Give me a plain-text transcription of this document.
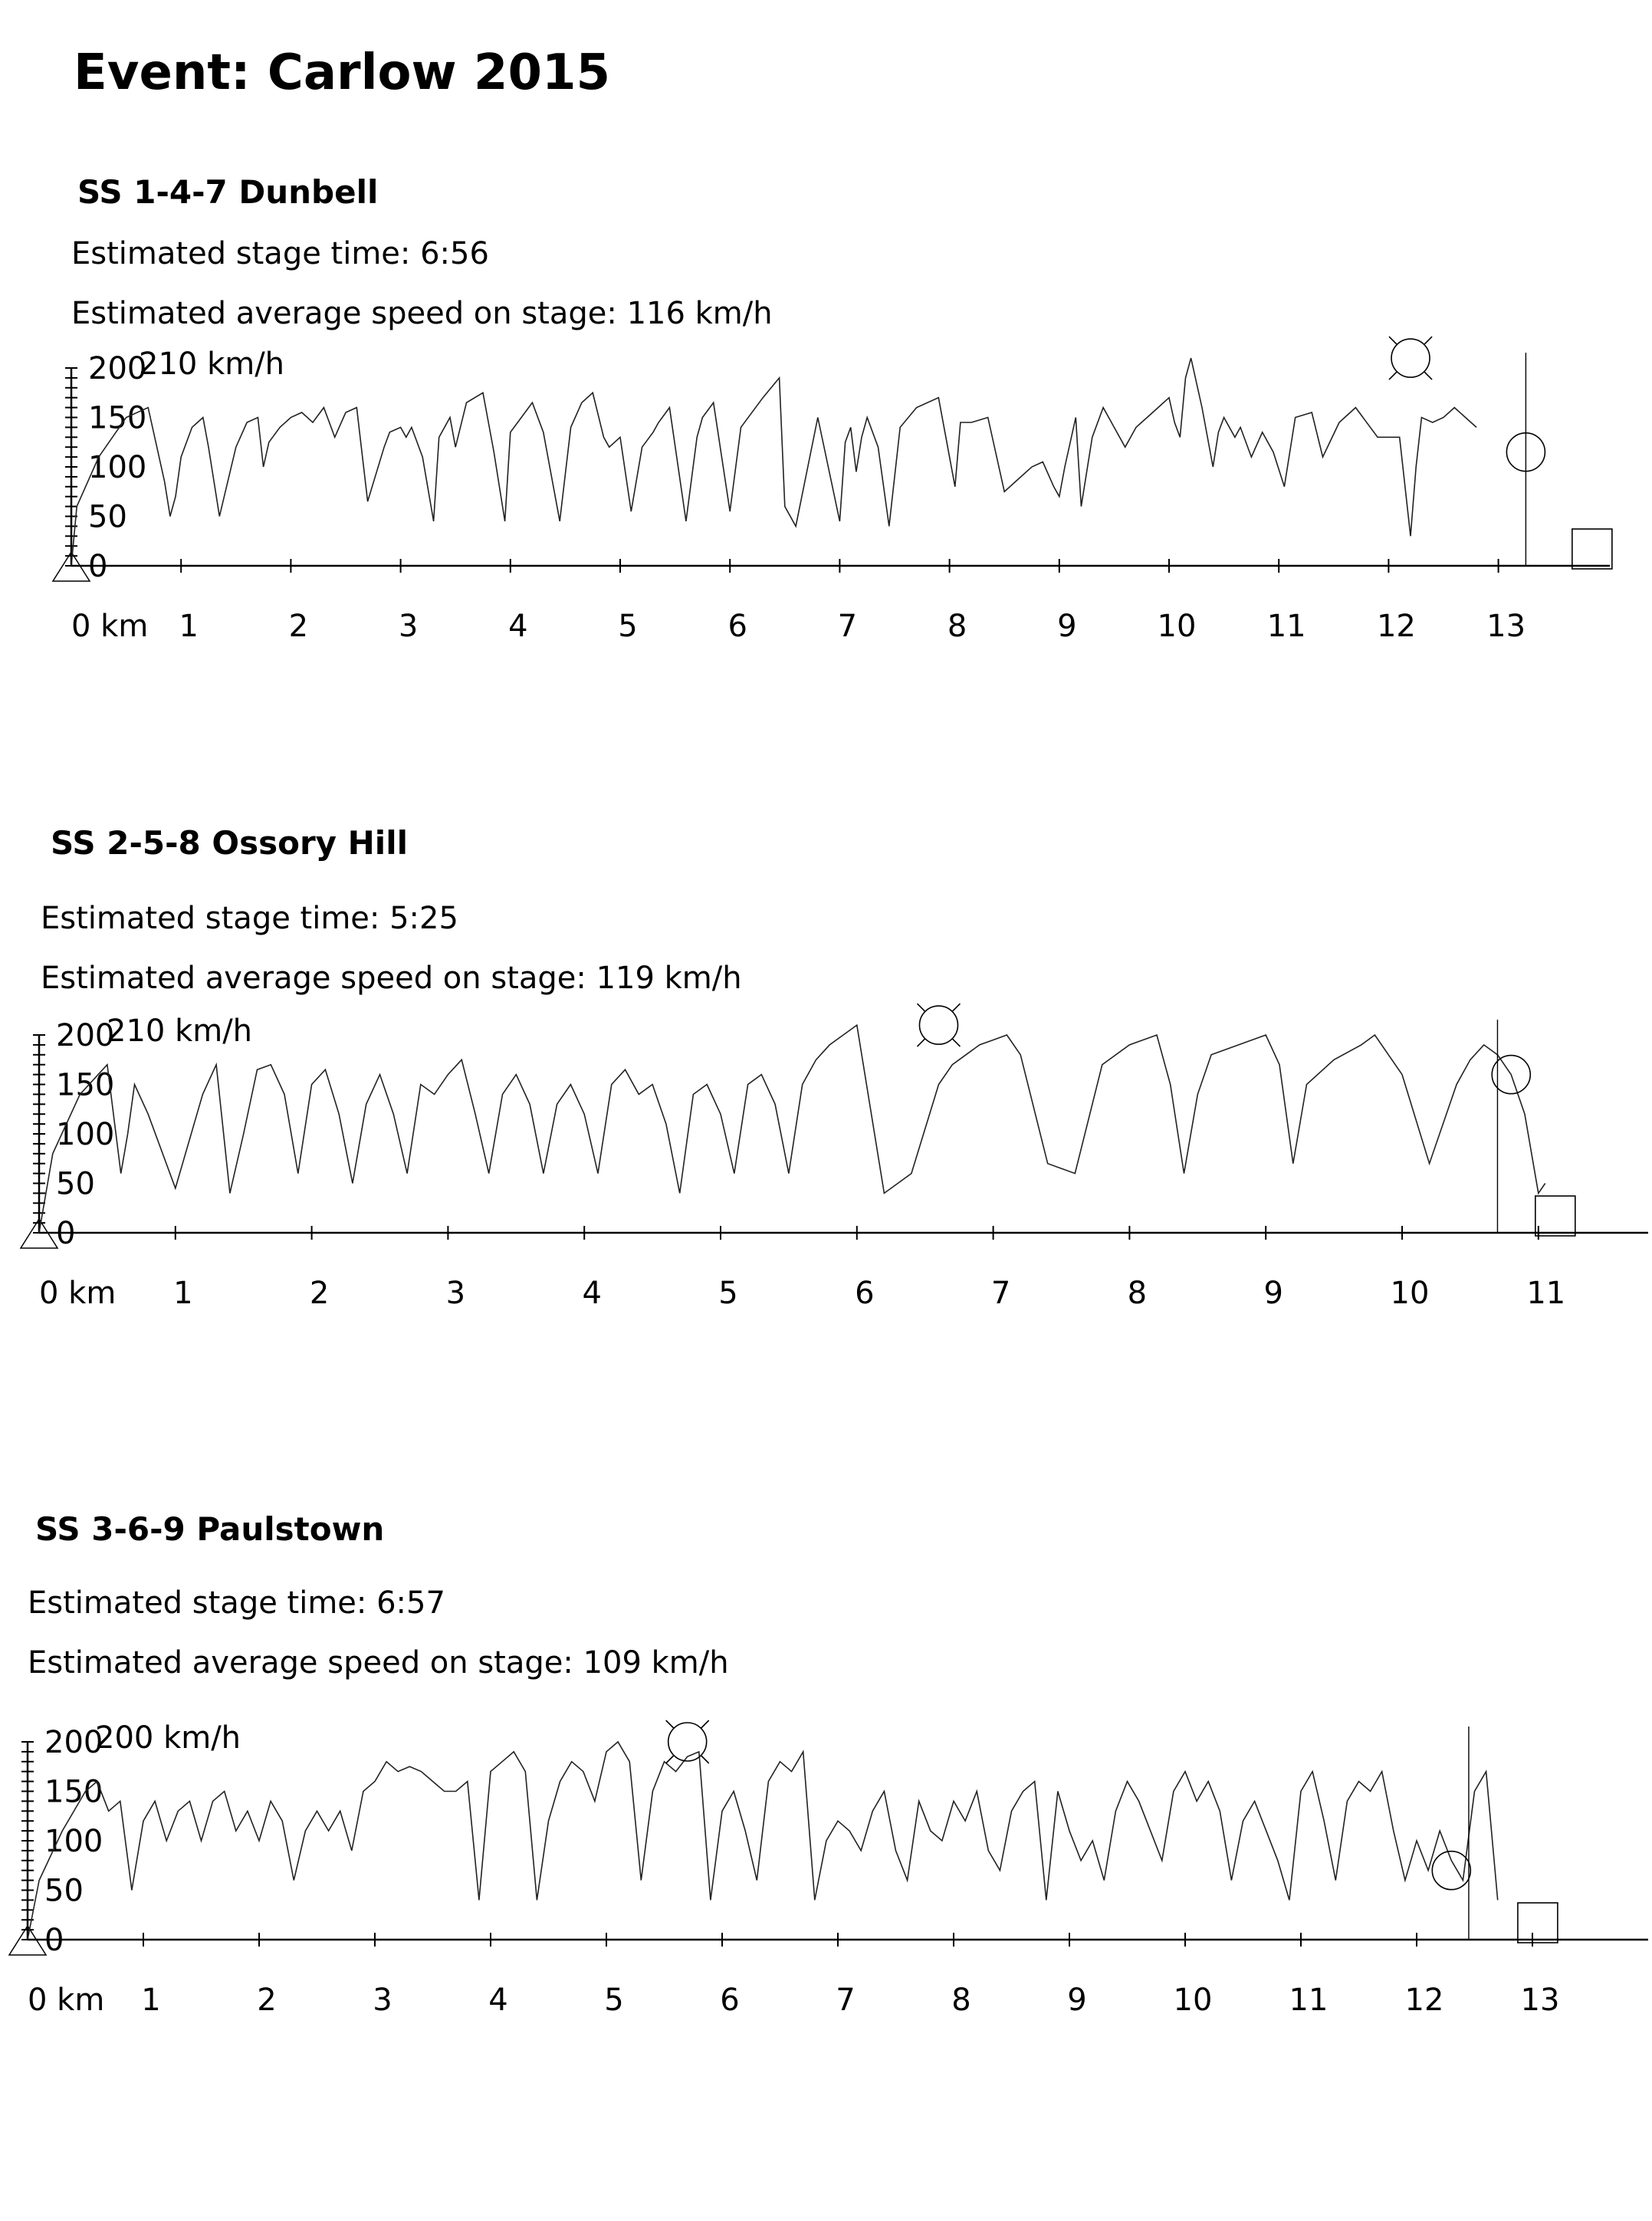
Event: Carlow 2015
SS 1-4-7 Dunbell

Estimated stage time: 6:56

Estimated average speed on stage: 116 km/h

0
50
100
150
200
0 km 1	2	3	4	5	6	7	8	9	10 11 12 13
210 km/h
SS 2-5-8 Ossory Hill

Estimated stage time: 5:25

Estimated average speed on stage: 119 km/h

0
50
100
150
200
0 km 1	2	3	4	5	6	7	8	9	10	11
210 km/h
SS 3-6-9 Paulstown

Estimated stage time: 6:57

Estimated average speed on stage: 109 km/h

0
50
100
150
200
0 km 1	2	3	4	5	6	7	8	9	10	11	12	13
200 km/h
